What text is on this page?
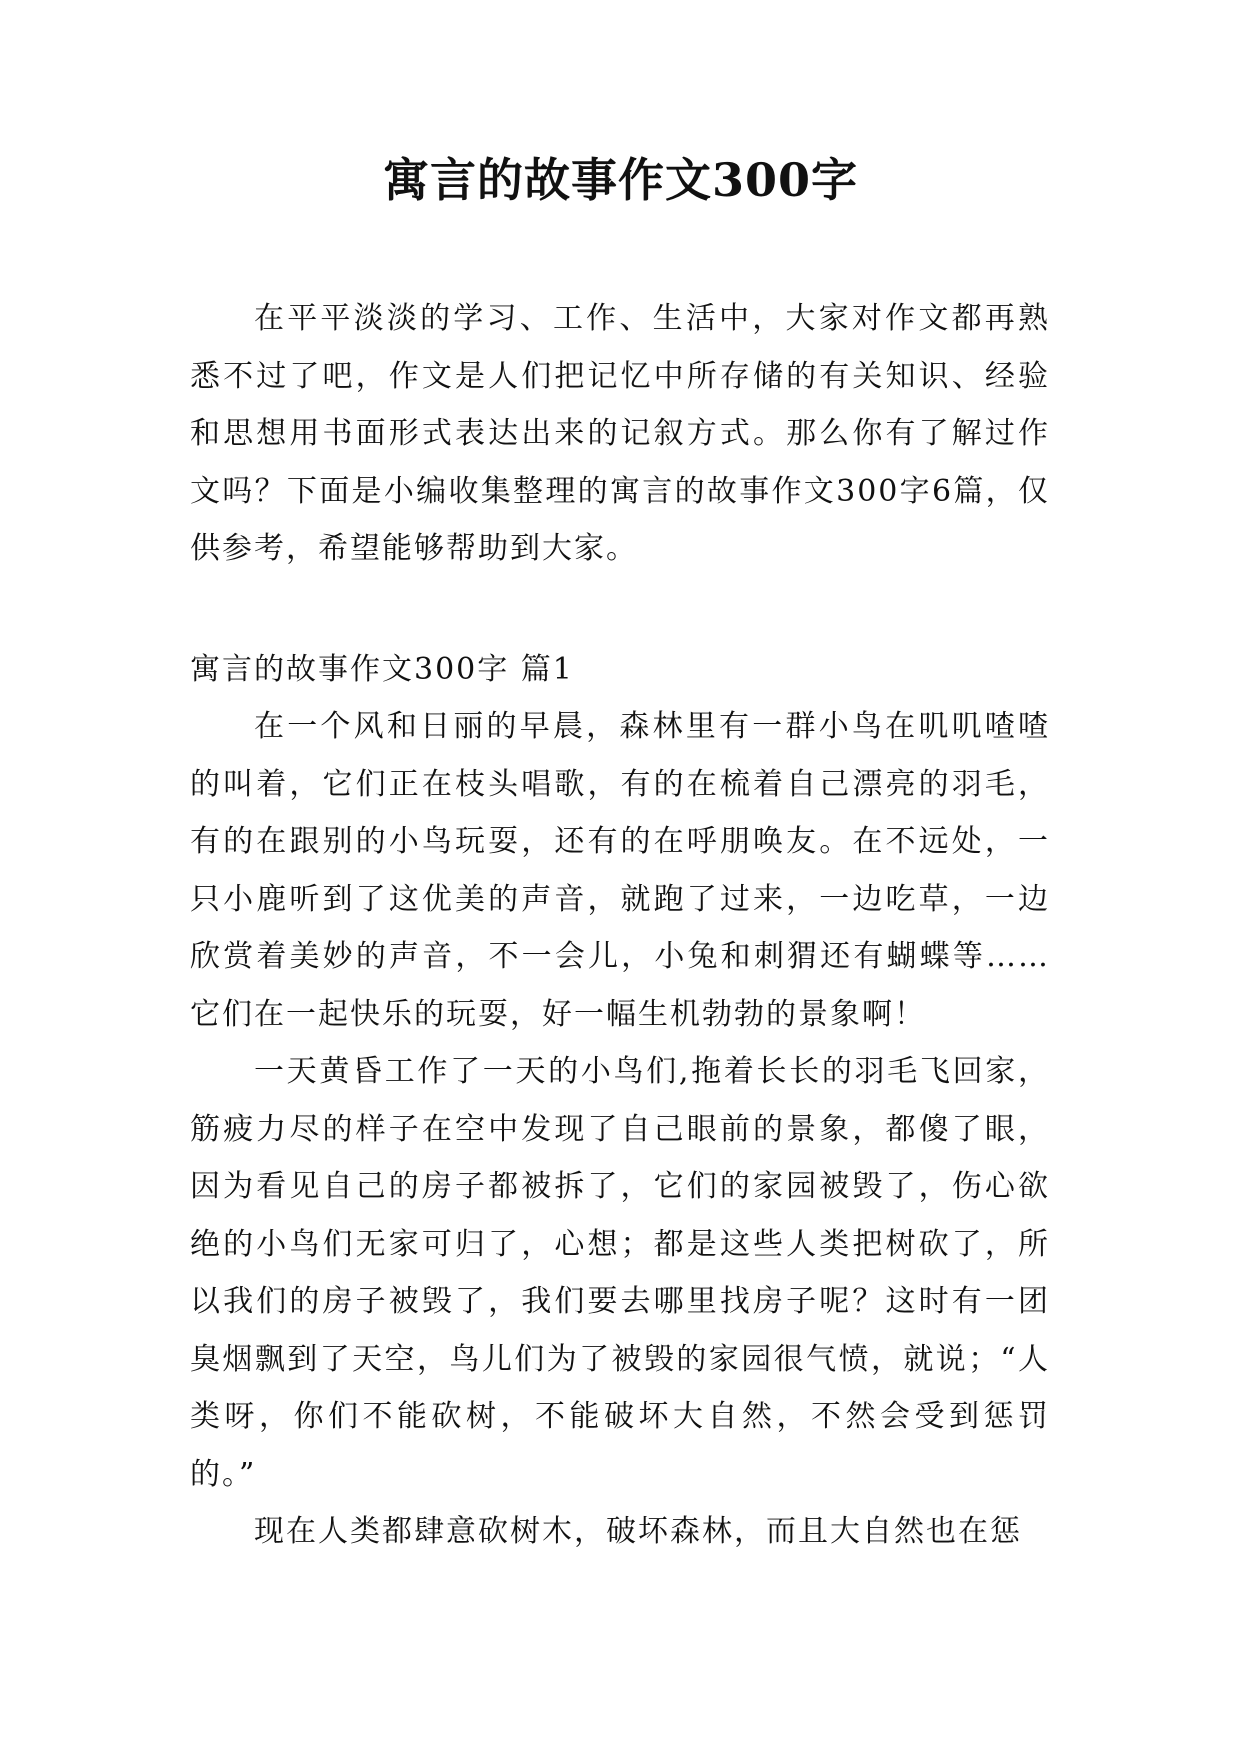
寓言的故事作文300字

在平平淡淡的学习、工作、生活中，大家对作文都再熟悉不过了吧，作文是人们把记忆中所存储的有关知识、经验和思想用书面形式表达出来的记叙方式。那么你有了解过作文吗？下面是小编收集整理的寓言的故事作文300字6篇，仅供参考，希望能够帮助到大家。

寓言的故事作文300字 篇1

在一个风和日丽的早晨，森林里有一群小鸟在叽叽喳喳的叫着，它们正在枝头唱歌，有的在梳着自己漂亮的羽毛，有的在跟别的小鸟玩耍，还有的在呼朋唤友。在不远处，一只小鹿听到了这优美的声音，就跑了过来，一边吃草，一边欣赏着美妙的声音，不一会儿，小兔和刺猬还有蝴蝶等……它们在一起快乐的玩耍，好一幅生机勃勃的景象啊！

一天黄昏工作了一天的小鸟们,拖着长长的羽毛飞回家，筋疲力尽的样子在空中发现了自己眼前的景象，都傻了眼，因为看见自己的房子都被拆了，它们的家园被毁了，伤心欲绝的小鸟们无家可归了，心想；都是这些人类把树砍了，所以我们的房子被毁了，我们要去哪里找房子呢？这时有一团臭烟飘到了天空，鸟儿们为了被毁的家园很气愤，就说；“人类呀，你们不能砍树，不能破坏大自然，不然会受到惩罚的。”

现在人类都肆意砍树木，破坏森林，而且大自然也在惩
